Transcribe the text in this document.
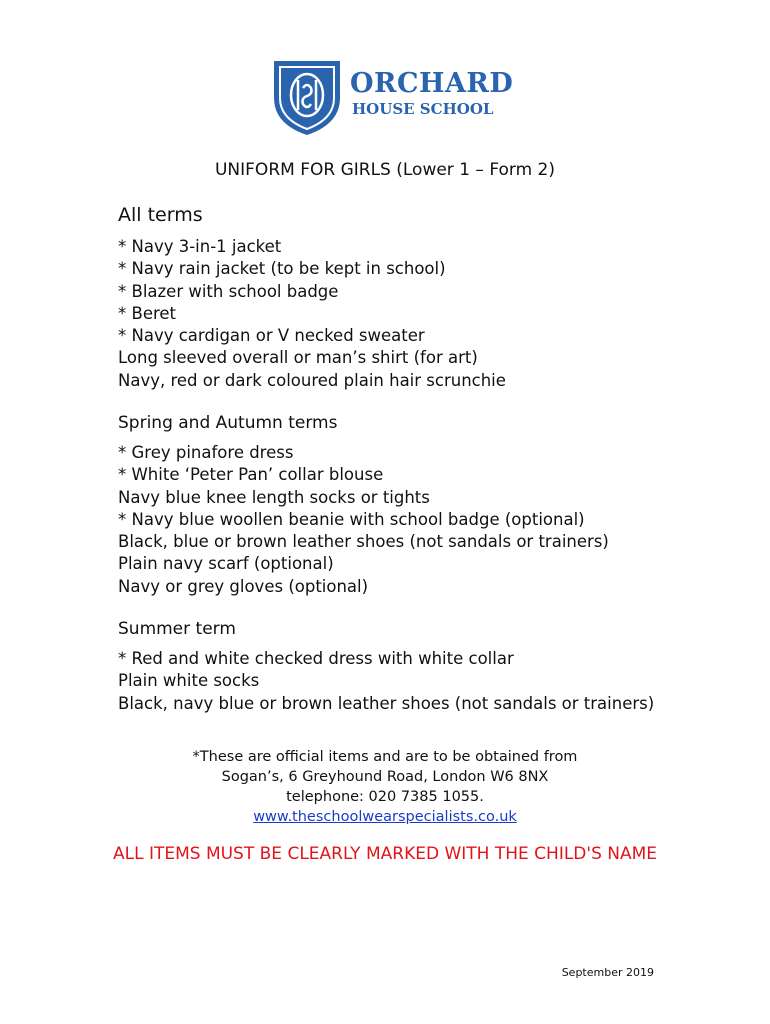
ORCHARD
HOUSE SCHOOL
UNIFORM FOR GIRLS (Lower 1 – Form 2)
All terms
* Navy 3-in-1 jacket
* Navy rain jacket (to be kept in school)
* Blazer with school badge
* Beret
* Navy cardigan or V necked sweater
Long sleeved overall or man’s shirt (for art)
Navy, red or dark coloured plain hair scrunchie
Spring and Autumn terms
* Grey pinafore dress
* White ‘Peter Pan’ collar blouse
Navy blue knee length socks or tights
* Navy blue woollen beanie with school badge (optional)
Black, blue or brown leather shoes (not sandals or trainers)
Plain navy scarf (optional)
Navy or grey gloves (optional)
Summer term
* Red and white checked dress with white collar
Plain white socks
Black, navy blue or brown leather shoes (not sandals or trainers)
*These are official items and are to be obtained from
Sogan’s, 6 Greyhound Road, London W6 8NX
telephone: 020 7385 1055.
www.theschoolwearspecialists.co.uk
ALL ITEMS MUST BE CLEARLY MARKED WITH THE CHILD'S NAME
September 2019
